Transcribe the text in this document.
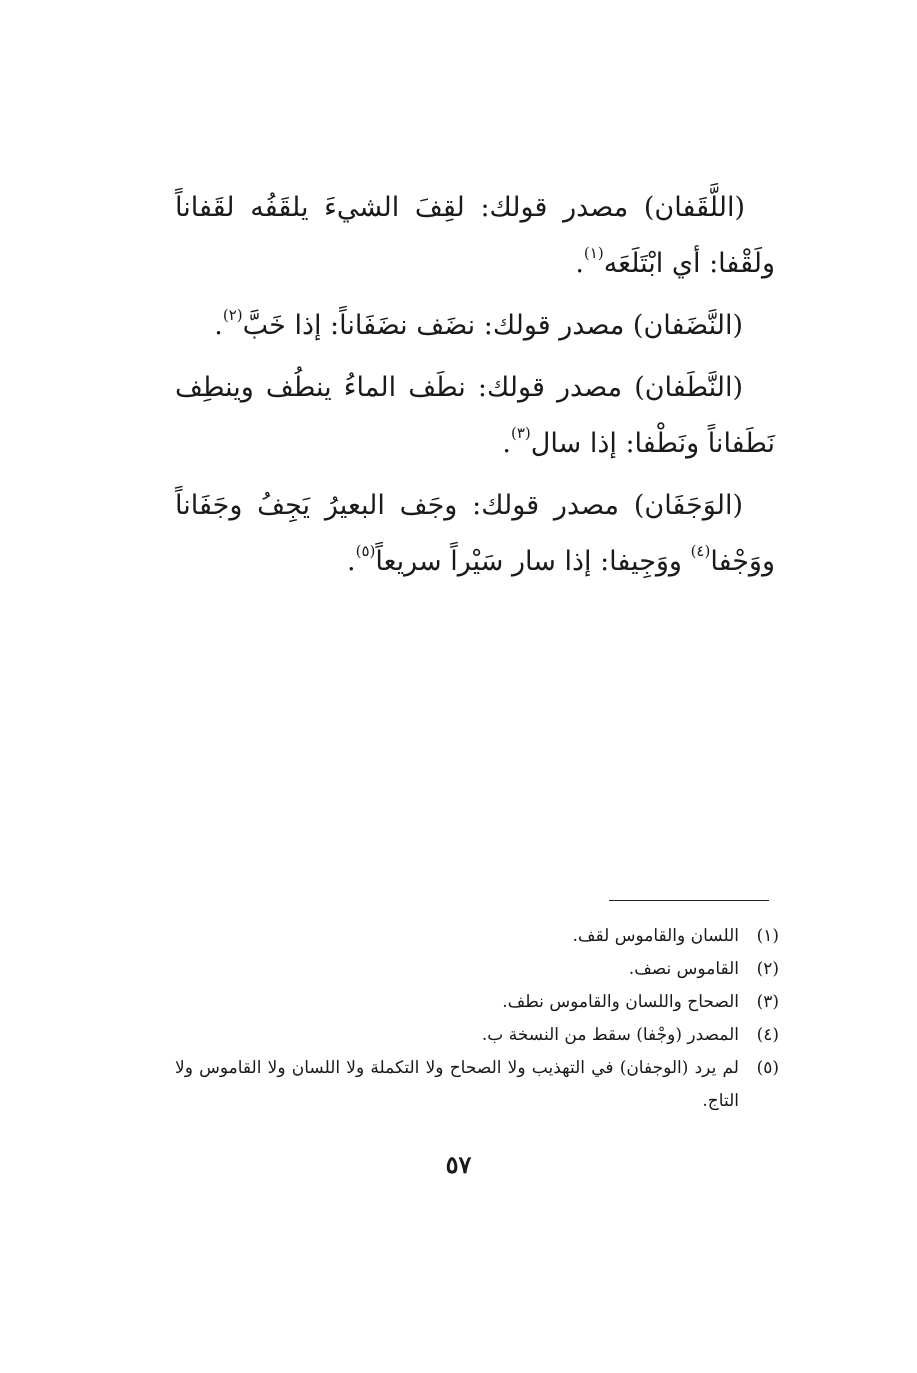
(اللَّقَفان) مصدر قولك: لقِفَ الشيءَ يلقَفُه لقَفاناً ولَقْفا: أي ابْتَلَعَه$^{(١)}$.

(النَّضَفان) مصدر قولك: نضَف نضَفَاناً: إذا خَبَّ$^{(٢)}$.

(النَّطَفان) مصدر قولك: نطَف الماءُ ينطُف وينطِف نَطَفاناً ونَطْفا: إذا سال$^{(٣)}$.

(الوَجَفَان) مصدر قولك: وجَف البعيرُ يَجِفُ وجَفَاناً ووَجْفا$^{(٤)}$ ووَجِيفا: إذا سار سَيْراً سريعاً$^{(٥)}$.

(١)
اللسان والقاموس لقف.
(٢)
القاموس نصف.
(٣)
الصحاح واللسان والقاموس نطف.
(٤)
المصدر (وجْفا) سقط من النسخة ب.
(٥)
لم يرد (الوجفان) في التهذيب ولا الصحاح ولا التكملة ولا اللسان ولا القاموس ولا التاج.
٥٧
